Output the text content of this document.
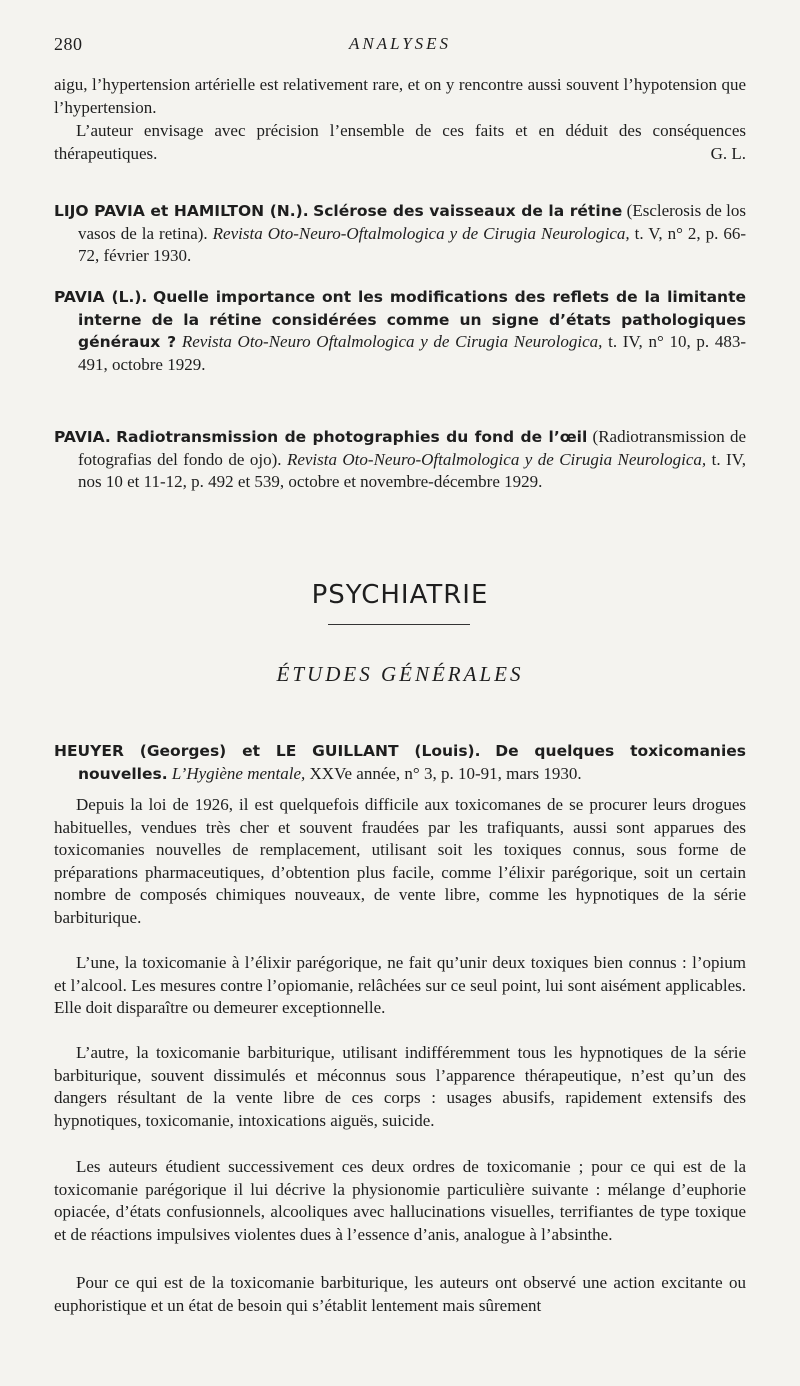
280	ANALYSES

aigu, l’hypertension artérielle est relativement rare, et on y rencontre aussi souvent l’hypotension que l’hypertension.

L’auteur envisage avec précision l’ensemble de ces faits et en déduit des conséquences thérapeutiques.	G. L.

LIJO PAVIA et HAMILTON (N.). Sclérose des vaisseaux de la rétine (Esclerosis de los vasos de la retina). Revista Oto-Neuro-Oftalmologica y de Cirugia Neurologica, t. V, n° 2, p. 66-72, février 1930.

PAVIA (L.). Quelle importance ont les modifications des reflets de la limitante interne de la rétine considérées comme un signe d’états pathologiques généraux ? Revista Oto-Neuro Oftalmologica y de Cirugia Neurologica, t. IV, n° 10, p. 483-491, octobre 1929.

PAVIA. Radiotransmission de photographies du fond de l’œil (Radiotransmission de fotografias del fondo de ojo). Revista Oto-Neuro-Oftalmologica y de Cirugia Neurologica, t. IV, nos 10 et 11-12, p. 492 et 539, octobre et novembre-décembre 1929.

PSYCHIATRIE
ÉTUDES GÉNÉRALES

HEUYER (Georges) et LE GUILLANT (Louis). De quelques toxicomanies nouvelles. L’Hygiène mentale, XXVe année, n° 3, p. 10-91, mars 1930.

Depuis la loi de 1926, il est quelquefois difficile aux toxicomanes de se procurer leurs drogues habituelles, vendues très cher et souvent fraudées par les trafiquants, aussi sont apparues des toxicomanies nouvelles de remplacement, utilisant soit les toxiques connus, sous forme de préparations pharmaceutiques, d’obtention plus facile, comme l’élixir parégorique, soit un certain nombre de composés chimiques nouveaux, de vente libre, comme les hypnotiques de la série barbiturique.

L’une, la toxicomanie à l’élixir parégorique, ne fait qu’unir deux toxiques bien connus : l’opium et l’alcool. Les mesures contre l’opiomanie, relâchées sur ce seul point, lui sont aisément applicables. Elle doit disparaître ou demeurer exceptionnelle.

L’autre, la toxicomanie barbiturique, utilisant indifféremment tous les hypnotiques de la série barbiturique, souvent dissimulés et méconnus sous l’apparence thérapeutique, n’est qu’un des dangers résultant de la vente libre de ces corps : usages abusifs, rapidement extensifs des hypnotiques, toxicomanie, intoxications aiguës, suicide.

Les auteurs étudient successivement ces deux ordres de toxicomanie ; pour ce qui est de la toxicomanie parégorique il lui décrive la physionomie particulière suivante : mélange d’euphorie opiacée, d’états confusionnels, alcooliques avec hallucinations visuelles, terrifiantes de type toxique et de réactions impulsives violentes dues à l’essence d’anis, analogue à l’absinthe.

Pour ce qui est de la toxicomanie barbiturique, les auteurs ont observé une action excitante ou euphoristique et un état de besoin qui s’établit lentement mais sûrement
